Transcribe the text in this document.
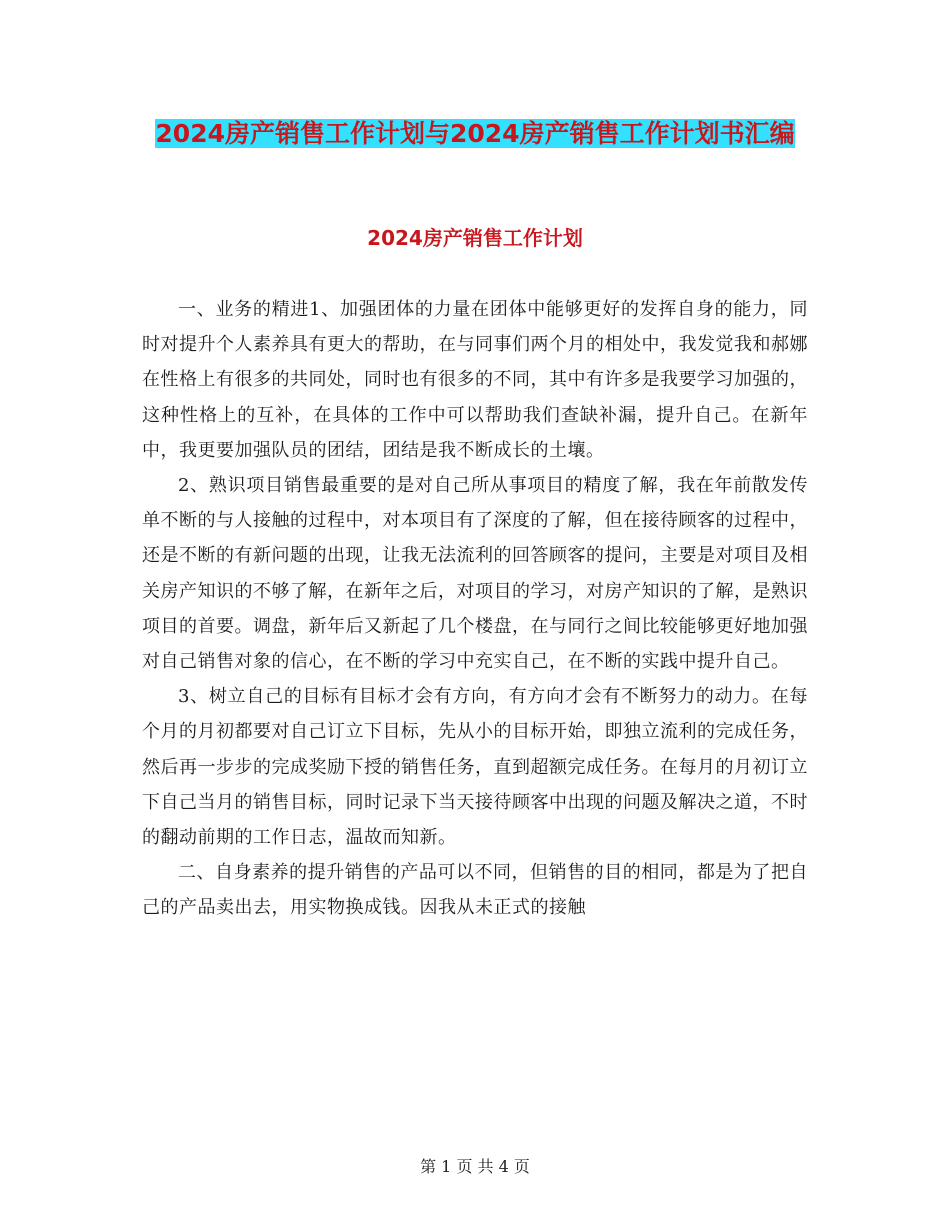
2024房产销售工作计划与2024房产销售工作计划书汇编
2024房产销售工作计划

一、业务的精进1、加强团体的力量在团体中能够更好的发挥自身的能力，同时对提升个人素养具有更大的帮助，在与同事们两个月的相处中，我发觉我和郝娜在性格上有很多的共同处，同时也有很多的不同，其中有许多是我要学习加强的，这种性格上的互补，在具体的工作中可以帮助我们查缺补漏，提升自己。在新年中，我更要加强队员的团结，团结是我不断成长的土壤。

2、熟识项目销售最重要的是对自己所从事项目的精度了解，我在年前散发传单不断的与人接触的过程中，对本项目有了深度的了解，但在接待顾客的过程中，还是不断的有新问题的出现，让我无法流利的回答顾客的提问，主要是对项目及相关房产知识的不够了解，在新年之后，对项目的学习，对房产知识的了解，是熟识项目的首要。调盘，新年后又新起了几个楼盘，在与同行之间比较能够更好地加强对自己销售对象的信心，在不断的学习中充实自己，在不断的实践中提升自己。

3、树立自己的目标有目标才会有方向，有方向才会有不断努力的动力。在每个月的月初都要对自己订立下目标，先从小的目标开始，即独立流利的完成任务，然后再一步步的完成奖励下授的销售任务，直到超额完成任务。在每月的月初订立下自己当月的销售目标，同时记录下当天接待顾客中出现的问题及解决之道，不时的翻动前期的工作日志，温故而知新。

二、自身素养的提升销售的产品可以不同，但销售的目的相同，都是为了把自己的产品卖出去，用实物换成钱。因我从未正式的接触

第 1 页 共 4 页
